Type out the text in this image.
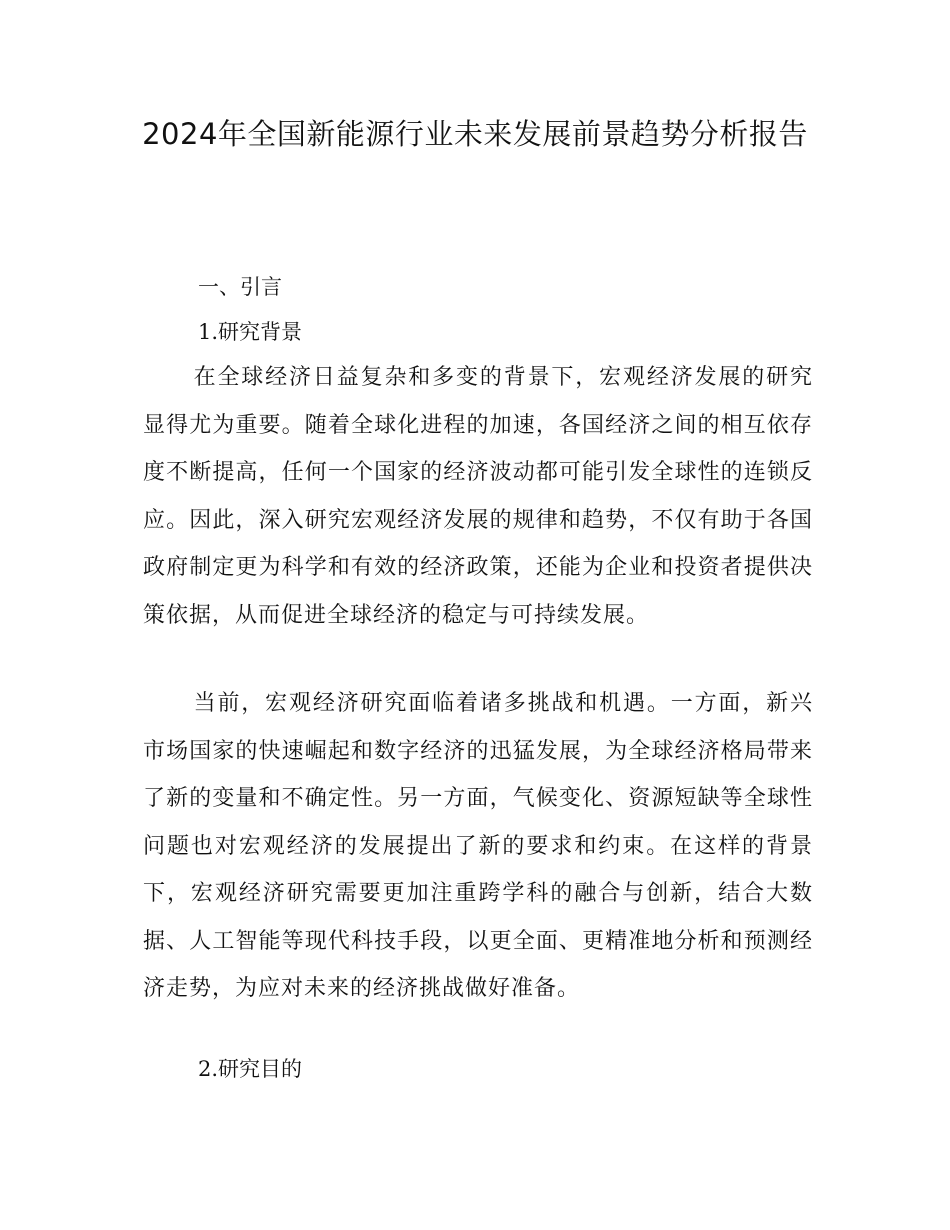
2024年全国新能源行业未来发展前景趋势分析报告

一、引言

1.研究背景

在全球经济日益复杂和多变的背景下，宏观经济发展的研究显得尤为重要。随着全球化进程的加速，各国经济之间的相互依存度不断提高，任何一个国家的经济波动都可能引发全球性的连锁反应。因此，深入研究宏观经济发展的规律和趋势，不仅有助于各国政府制定更为科学和有效的经济政策，还能为企业和投资者提供决策依据，从而促进全球经济的稳定与可持续发展。

当前，宏观经济研究面临着诸多挑战和机遇。一方面，新兴市场国家的快速崛起和数字经济的迅猛发展，为全球经济格局带来了新的变量和不确定性。另一方面，气候变化、资源短缺等全球性问题也对宏观经济的发展提出了新的要求和约束。在这样的背景下，宏观经济研究需要更加注重跨学科的融合与创新，结合大数据、人工智能等现代科技手段，以更全面、更精准地分析和预测经济走势，为应对未来的经济挑战做好准备。

2.研究目的
